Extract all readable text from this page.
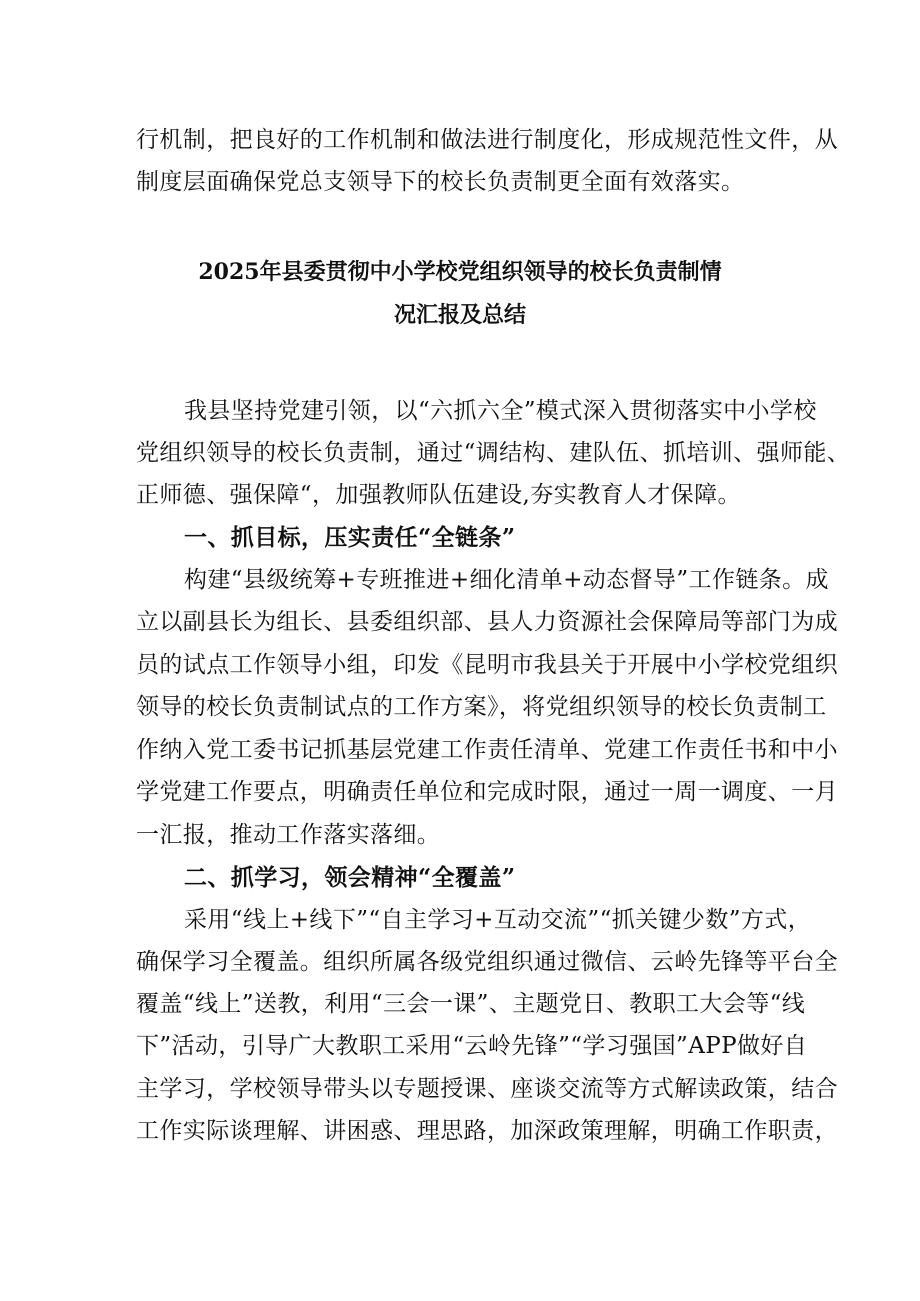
行机制，把良好的工作机制和做法进行制度化，形成规范性文件，从
制度层面确保党总支领导下的校长负责制更全面有效落实。
2025年县委贯彻中小学校党组织领导的校长负责制情
况汇报及总结
我县坚持党建引领，以“六抓六全”模式深入贯彻落实中小学校
党组织领导的校长负责制，通过“调结构、建队伍、抓培训、强师能、
正师德、强保障“，加强教师队伍建设,夯实教育人才保障。
一、抓目标，压实责任“全链条”
构建“县级统筹+专班推进+细化清单+动态督导”工作链条。成
立以副县长为组长、县委组织部、县人力资源社会保障局等部门为成
员的试点工作领导小组，印发《昆明市我县关于开展中小学校党组织
领导的校长负责制试点的工作方案》，将党组织领导的校长负责制工
作纳入党工委书记抓基层党建工作责任清单、党建工作责任书和中小
学党建工作要点，明确责任单位和完成时限，通过一周一调度、一月
一汇报，推动工作落实落细。
二、抓学习，领会精神“全覆盖”
采用“线上+线下”“自主学习+互动交流”“抓关键少数”方式，
确保学习全覆盖。组织所属各级党组织通过微信、云岭先锋等平台全
覆盖“线上”送教，利用“三会一课”、主题党日、教职工大会等“线
下”活动，引导广大教职工采用“云岭先锋”“学习强国”APP做好自
主学习，学校领导带头以专题授课、座谈交流等方式解读政策，结合
工作实际谈理解、讲困惑、理思路，加深政策理解，明确工作职责，
